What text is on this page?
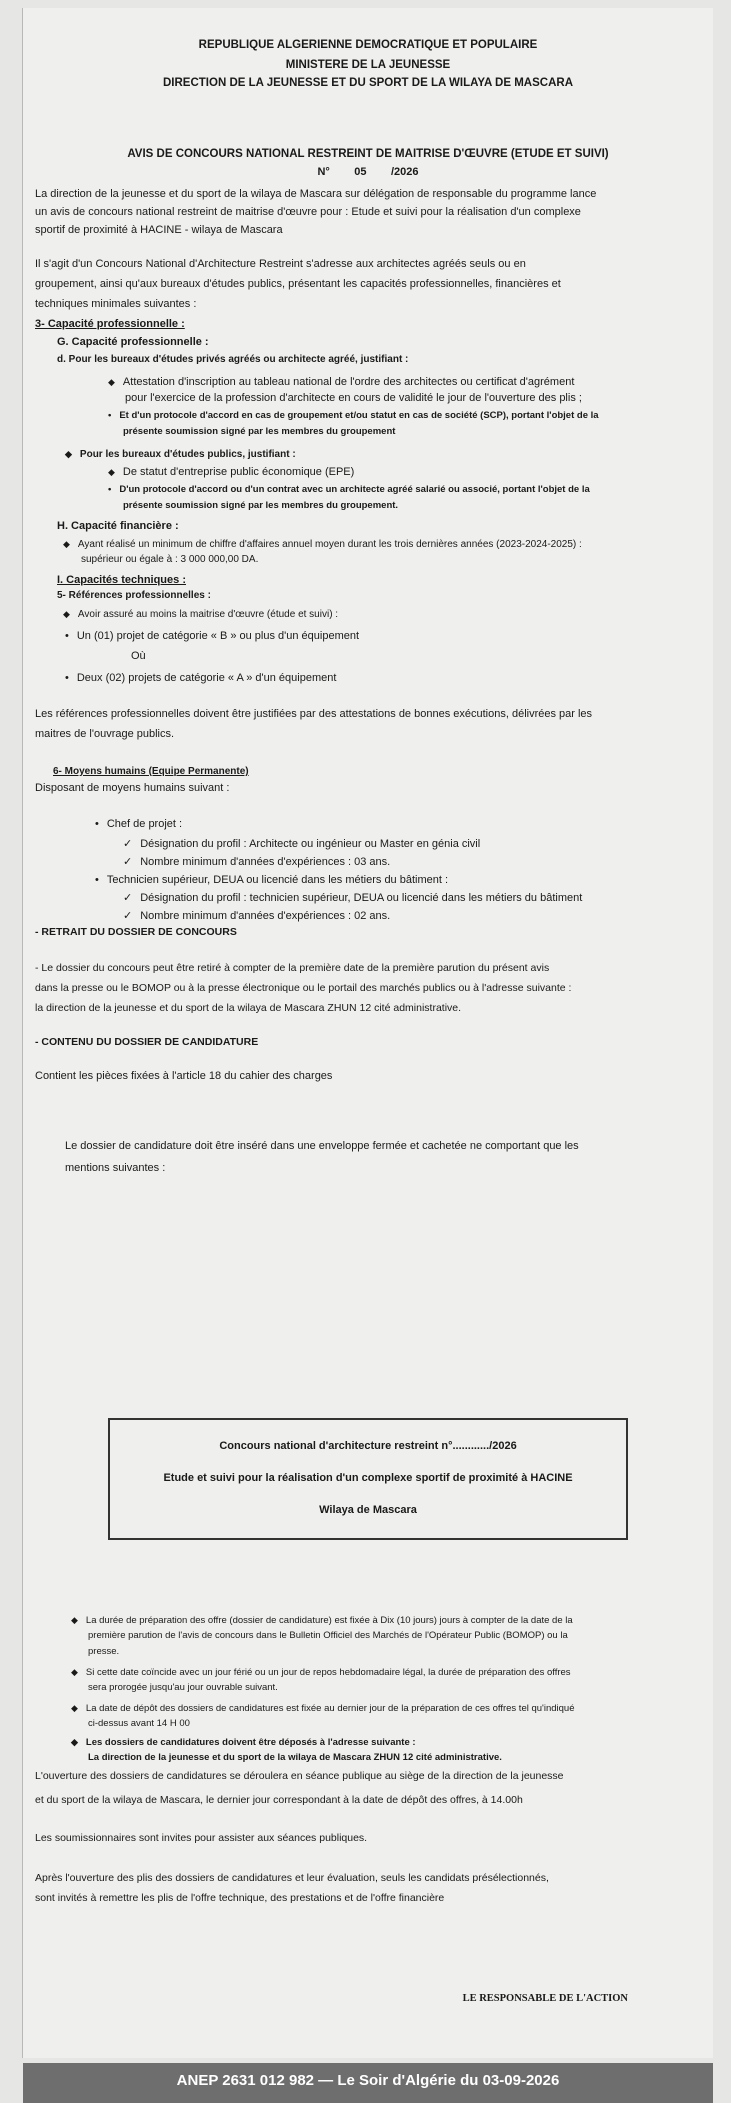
REPUBLIQUE ALGERIENNE DEMOCRATIQUE ET POPULAIRE
MINISTERE DE LA JEUNESSE
DIRECTION DE LA JEUNESSE ET DU SPORT DE LA WILAYA DE MASCARA
AVIS DE CONCOURS NATIONAL RESTREINT DE MAITRISE D'ŒUVRE (ETUDE ET SUIVI)
N°        05        /2026
La direction de la jeunesse et du sport de la wilaya de Mascara sur délégation de responsable du programme lance
un avis de concours national restreint de maitrise d'œuvre pour : Etude et suivi pour la réalisation d'un complexe
sportif de proximité à HACINE - wilaya de Mascara
Il s'agit d'un Concours National d'Architecture Restreint s'adresse aux architectes agréés seuls ou en
groupement, ainsi qu'aux bureaux d'études publics, présentant les capacités professionnelles, financières et
techniques minimales suivantes :
3- Capacité professionnelle :
G. Capacité professionnelle :
d. Pour les bureaux d'études privés agréés ou architecte agréé, justifiant :
◆ Attestation d'inscription au tableau national de l'ordre des architectes ou certificat d'agrément
pour l'exercice de la profession d'architecte en cours de validité le jour de l'ouverture des plis ;
• Et d'un protocole d'accord en cas de groupement et/ou statut en cas de société (SCP), portant l'objet de la
présente soumission signé par les membres du groupement
◆ Pour les bureaux d'études publics, justifiant :
◆ De statut d'entreprise public économique (EPE)
• D'un protocole d'accord ou d'un contrat avec un architecte agréé salarié ou associé, portant l'objet de la
présente soumission signé par les membres du groupement.
H. Capacité financière :
◆ Ayant réalisé un minimum de chiffre d'affaires annuel moyen durant les trois dernières années (2023-2024-2025) :
supérieur ou égale à : 3 000 000,00 DA.
I. Capacités techniques :
5- Références professionnelles :
◆ Avoir assuré au moins la maitrise d'œuvre (étude et suivi) :
• Un (01) projet de catégorie « B » ou plus d'un équipement
Où
• Deux (02) projets de catégorie « A » d'un équipement
Les références professionnelles doivent être justifiées par des attestations de bonnes exécutions, délivrées par les
maitres de l'ouvrage publics.
6- Moyens humains (Equipe Permanente)
Disposant de moyens humains suivant :
• Chef de projet :
✓ Désignation du profil : Architecte ou ingénieur ou Master en génia civil
✓ Nombre minimum d'années d'expériences : 03 ans.
• Technicien supérieur, DEUA ou licencié dans les métiers du bâtiment :
✓ Désignation du profil : technicien supérieur, DEUA ou licencié dans les métiers du bâtiment
✓ Nombre minimum d'années d'expériences : 02 ans.
- RETRAIT DU DOSSIER DE CONCOURS
- Le dossier du concours peut être retiré à compter de la première date de la première parution du présent avis
dans la presse ou le BOMOP ou à la presse électronique ou le portail des marchés publics ou à l'adresse suivante :
la direction de la jeunesse et du sport de la wilaya de Mascara ZHUN 12 cité administrative.
- CONTENU DU DOSSIER DE CANDIDATURE
Contient les pièces fixées à l'article 18 du cahier des charges
Le dossier de candidature doit être inséré dans une enveloppe fermée et cachetée ne comportant que les
mentions suivantes :
Concours national d'architecture restreint n°............/2026
Etude et suivi pour la réalisation d'un complexe sportif de proximité à HACINE
Wilaya de Mascara
◆ La durée de préparation des offre (dossier de candidature) est fixée à Dix (10 jours) jours à compter de la date de la
première parution de l'avis de concours dans le Bulletin Officiel des Marchés de l'Opérateur Public (BOMOP) ou la
presse.
◆ Si cette date coïncide avec un jour férié ou un jour de repos hebdomadaire légal, la durée de préparation des offres
sera prorogée jusqu'au jour ouvrable suivant.
◆ La date de dépôt des dossiers de candidatures est fixée au dernier jour de la préparation de ces offres tel qu'indiqué
ci-dessus avant 14 H 00
◆ Les dossiers de candidatures doivent être déposés à l'adresse suivante :
La direction de la jeunesse et du sport de la wilaya de Mascara ZHUN 12 cité administrative.
L'ouverture des dossiers de candidatures se déroulera en séance publique au siège de la direction de la jeunesse
et du sport de la wilaya de Mascara, le dernier jour correspondant à la date de dépôt des offres, à 14.00h
Les soumissionnaires sont invites pour assister aux séances publiques.
Après l'ouverture des plis des dossiers de candidatures et leur évaluation, seuls les candidats présélectionnés,
sont invités à remettre les plis de l'offre technique, des prestations et de l'offre financière
LE RESPONSABLE DE L'ACTION
ANEP 2631 012 982 — Le Soir d'Algérie du 03-09-2026
